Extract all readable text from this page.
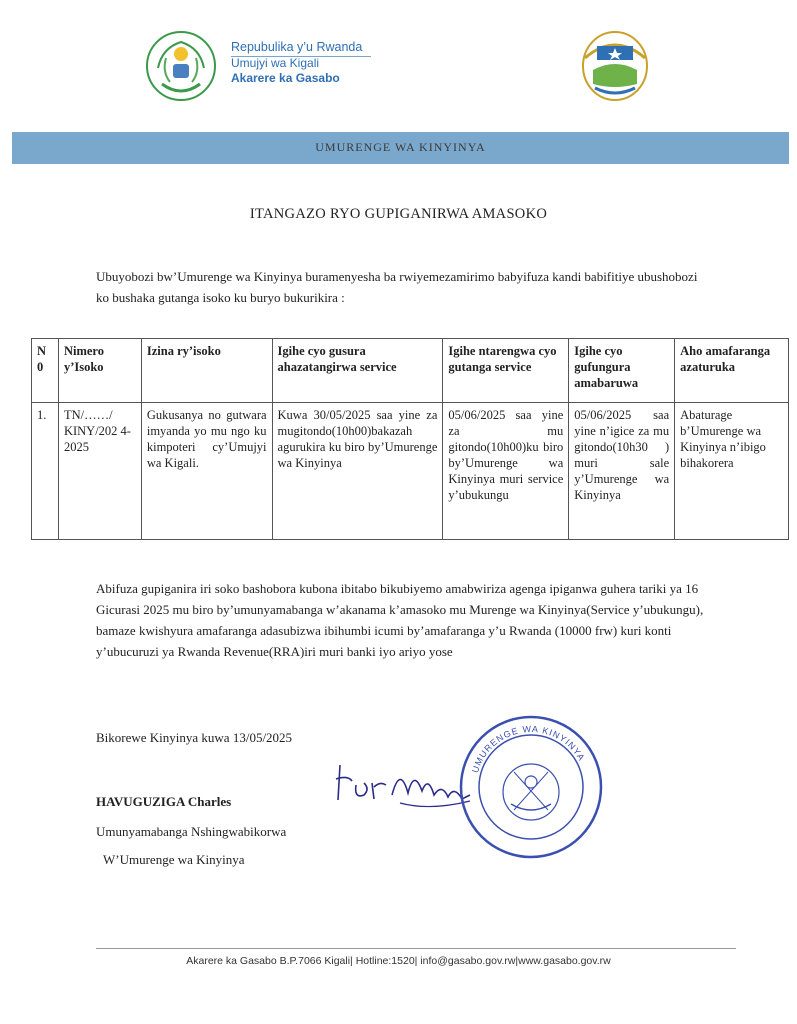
Repubulika y’u Rwanda
Umujyi wa Kigali
Akarere ka Gasabo
UMURENGE WA KINYINYA
ITANGAZO RYO GUPIGANIRWA AMASOKO
Ubuyobozi bw’Umurenge wa Kinyinya buramenyesha ba rwiyemezamirimo babyifuza kandi babifitiye ubushobozi ko bushaka gutanga isoko ku buryo bukurikira :
N 0	Nimero y’Isoko	Izina ry’isoko	Igihe cyo gusura ahazatangirwa service	Igihe ntarengwa cyo gutanga service	Igihe cyo gufungura amabaruwa	Aho amafaranga azaturuka
1.	TN/……/ KINY/202 4-2025	Gukusanya no gutwara imyanda yo mu ngo ku kimpoteri cy’Umujyi wa Kigali.	Kuwa 30/05/2025 saa yine za mugitondo(10h00)bakazah agurukira ku biro by’Umurenge wa Kinyinya	05/06/2025 saa yine za mu gitondo(10h00)ku biro by’Umurenge wa Kinyinya muri service y’ubukungu	05/06/2025 saa yine n’igice za mu gitondo(10h30 ) muri sale y’Umurenge wa Kinyinya	Abaturage b’Umurenge wa Kinyinya n’ibigo bihakorera
Abifuza gupiganira iri soko bashobora kubona ibitabo bikubiyemo amabwiriza agenga ipiganwa guhera tariki ya 16 Gicurasi 2025 mu biro by’umunyamabanga w’akanama k’amasoko mu Murenge wa Kinyinya(Service y’ubukungu), bamaze kwishyura amafaranga adasubizwa ibihumbi icumi by’amafaranga y’u Rwanda (10000 frw) kuri konti y’ubucuruzi ya Rwanda Revenue(RRA)iri muri banki iyo ariyo yose
Bikorewe Kinyinya kuwa 13/05/2025
UMURENGE WA KINYINYA
HAVUGUZIGA Charles
Umunyamabanga Nshingwabikorwa
W’Umurenge wa Kinyinya
Akarere ka Gasabo B.P.7066 Kigali| Hotline:1520| info@gasabo.gov.rw|www.gasabo.gov.rw
